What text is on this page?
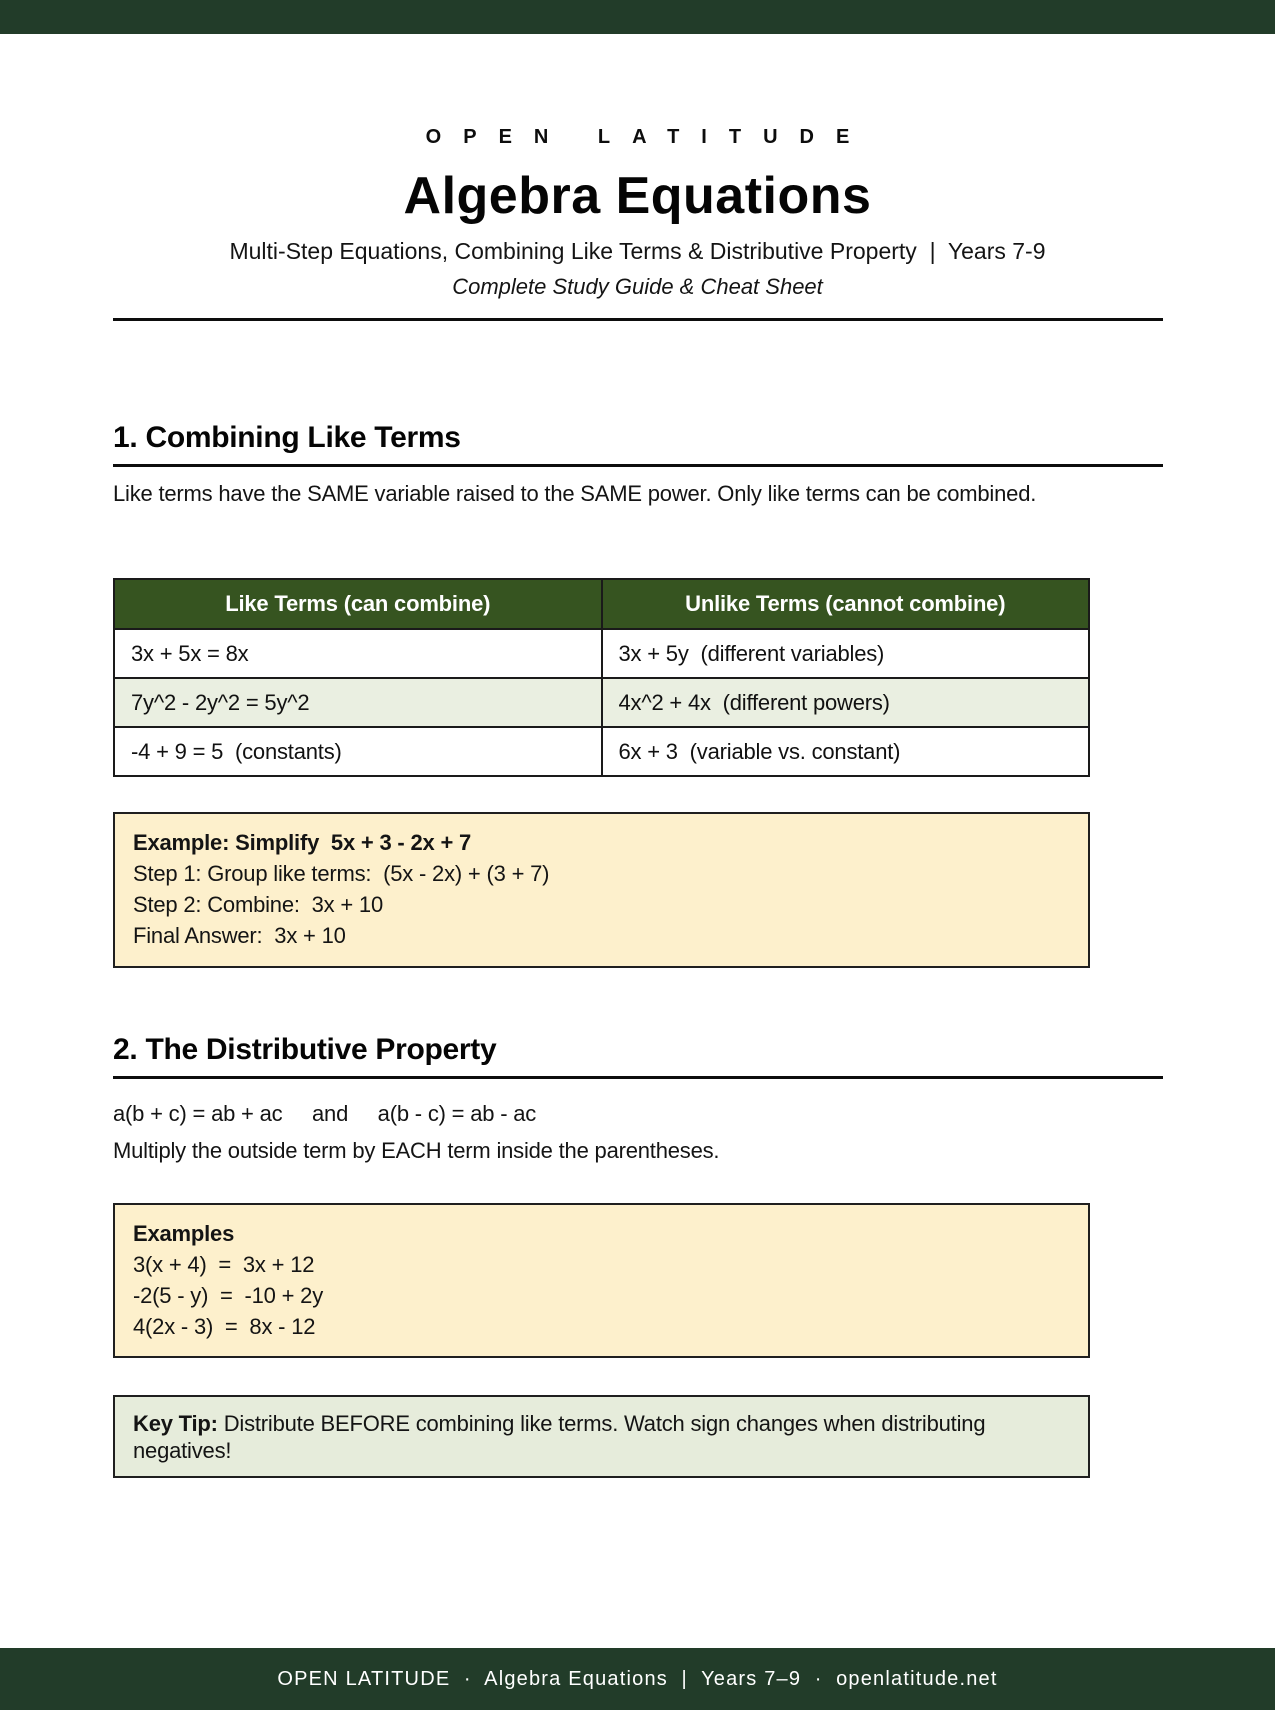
OPEN LATITUDE
Algebra Equations
Multi-Step Equations, Combining Like Terms & Distributive Property  |  Years 7-9
Complete Study Guide & Cheat Sheet
1. Combining Like Terms
Like terms have the SAME variable raised to the SAME power. Only like terms can be combined.
Like Terms (can combine)	Unlike Terms (cannot combine)
3x + 5x = 8x	3x + 5y  (different variables)
7y^2 - 2y^2 = 5y^2	4x^2 + 4x  (different powers)
-4 + 9 = 5  (constants)	6x + 3  (variable vs. constant)
Example: Simplify  5x + 3 - 2x + 7
Step 1: Group like terms:  (5x - 2x) + (3 + 7)
Step 2: Combine:  3x + 10
Final Answer:  3x + 10
2. The Distributive Property
a(b + c) = ab + ac     and     a(b - c) = ab - ac
Multiply the outside term by EACH term inside the parentheses.
Examples
3(x + 4)  =  3x + 12
-2(5 - y)  =  -10 + 2y
4(2x - 3)  =  8x - 12
Key Tip: Distribute BEFORE combining like terms. Watch sign changes when distributing negatives!
OPEN LATITUDE  ·  Algebra Equations  |  Years 7–9  ·  openlatitude.net
